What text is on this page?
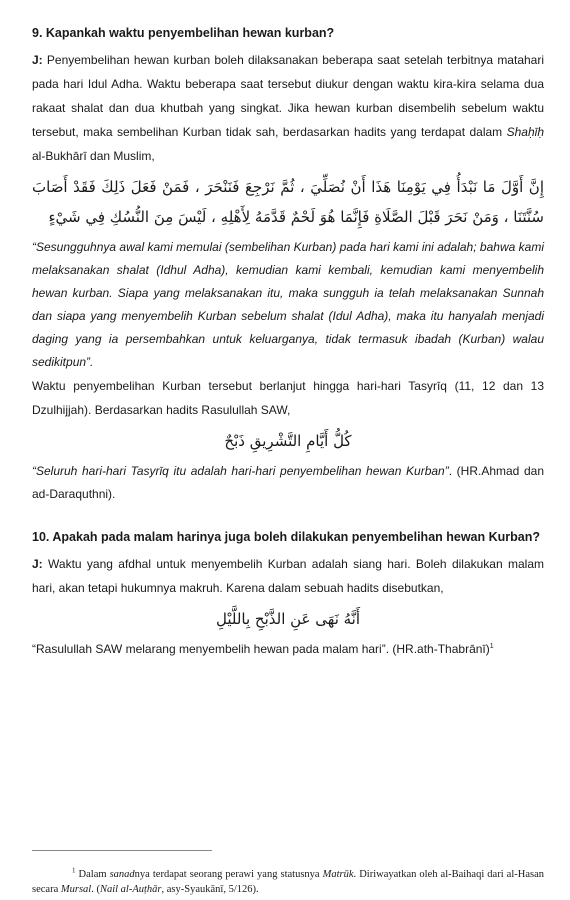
9. Kapankah waktu penyembelihan hewan kurban?

J: Penyembelihan hewan kurban boleh dilaksanakan beberapa saat setelah terbitnya matahari pada hari Idul Adha. Waktu beberapa saat tersebut diukur dengan waktu kira-kira selama dua rakaat shalat dan dua khutbah yang singkat. Jika hewan kurban disembelih sebelum waktu tersebut, maka sembelihan Kurban tidak sah, berdasarkan hadits yang terdapat dalam Shaḥīḥ al-Bukhārī dan Muslim,

إِنَّ أَوَّلَ مَا نَبْدَأُ فِي يَوْمِنَا هَذَا أَنْ نُصَلِّيَ ، ثُمَّ نَرْجِعَ فَنَنْحَرَ ، فَمَنْ فَعَلَ ذَلِكَ فَقَدْ أَصَابَ سُنَّتَنَا ، وَمَنْ نَحَرَ قَبْلَ الصَّلَاةِ فَإِنَّمَا هُوَ لَحْمٌ قَدَّمَهُ لِأَهْلِهِ ، لَيْسَ مِنَ النُّسُكِ فِي شَيْءٍ

“Sesungguhnya awal kami memulai (sembelihan Kurban) pada hari kami ini adalah; bahwa kami melaksanakan shalat (Idhul Adha), kemudian kami kembali, kemudian kami menyembelih hewan kurban. Siapa yang melaksanakan itu, maka sungguh ia telah melaksanakan Sunnah dan siapa yang menyembelih Kurban sebelum shalat (Idul Adha), maka itu hanyalah menjadi daging yang ia persembahkan untuk keluarganya, tidak termasuk ibadah (Kurban) walau sedikitpun”.

Waktu penyembelihan Kurban tersebut berlanjut hingga hari-hari Tasyrīq (11, 12 dan 13 Dzulhijjah). Berdasarkan hadits Rasulullah SAW,

كُلُّ أَيَّامِ التَّشْرِيقِ ذَبْحٌ

“Seluruh hari-hari Tasyrīq itu adalah hari-hari penyembelihan hewan Kurban”. (HR.Ahmad dan ad-Daraquthni).

10. Apakah pada malam harinya juga boleh dilakukan penyembelihan hewan Kurban?

J: Waktu yang afdhal untuk menyembelih Kurban adalah siang hari. Boleh dilakukan malam hari, akan tetapi hukumnya makruh. Karena dalam sebuah hadits disebutkan,

أَنَّهُ نَهَى عَنِ الذَّبْحِ بِاللَّيْلِ

“Rasulullah SAW melarang menyembelih hewan pada malam hari”. (HR.ath-Thabrānī)$^1$

$^1$ Dalam sanadnya terdapat seorang perawi yang statusnya Matrūk. Diriwayatkan oleh al-Baihaqi dari al-Hasan secara Mursal. (Nail al-Auṭhār, asy-Syaukānī, 5/126).
